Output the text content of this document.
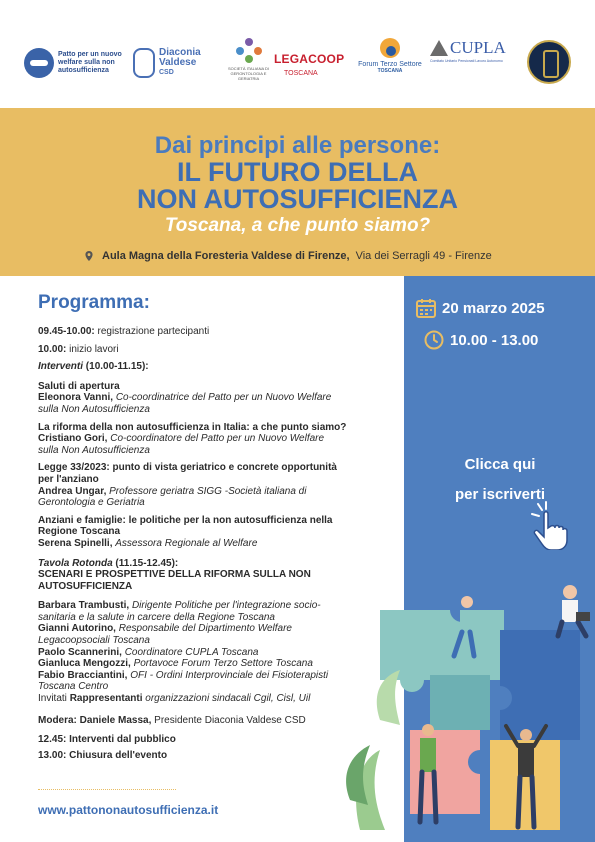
Patto per un nuovo welfare sulla non autosufficienza
Diaconia Valdese
CSD
SOCIETÀ ITALIANA DI GERONTOLOGIA E GERIATRIA
LEGACOOP
TOSCANA
Forum Terzo Settore
TOSCANA
CUPLA
Comitato Unitario Pensionati Lavoro Autonomo
Dai principi alle persone:
IL FUTURO DELLA
NON AUTOSUFFICIENZA
Toscana, a che punto siamo?
Aula Magna della Foresteria Valdese di Firenze, Via dei Serragli 49 - Firenze
20 marzo 2025
10.00 - 13.00
Clicca qui
per iscriverti
Programma:
09.45-10.00: registrazione partecipanti
10.00: inizio lavori
Interventi (10.00-11.15):
Saluti di apertura
Eleonora Vanni, Co-coordinatrice del Patto per un Nuovo Welfare
sulla Non Autosufficienza
La riforma della non autosufficienza in Italia: a che punto siamo?
Cristiano Gori, Co-coordinatore del Patto per un Nuovo Welfare
sulla Non Autosufficienza
Legge 33/2023: punto di vista geriatrico e concrete opportunità
per l'anziano
Andrea Ungar, Professore geriatra SIGG -Società italiana di
Gerontologia e Geriatria
Anziani e famiglie: le politiche per la non autosufficienza nella
Regione Toscana
Serena Spinelli, Assessora Regionale al Welfare
Tavola Rotonda (11.15-12.45):
SCENARI E PROSPETTIVE DELLA RIFORMA SULLA NON
AUTOSUFFICIENZA
Barbara Trambusti, Dirigente Politiche per l'integrazione socio-
sanitaria e la salute in carcere della Regione Toscana
Gianni Autorino, Responsabile del Dipartimento Welfare
Legacoopsociali Toscana
Paolo Scannerini, Coordinatore CUPLA Toscana
Gianluca Mengozzi, Portavoce Forum Terzo Settore Toscana
Fabio Bracciantini, OFI - Ordini Interprovinciale dei Fisioterapisti
Toscana Centro
Invitati Rappresentanti organizzazioni sindacali Cgil, Cisl, Uil
Modera: Daniele Massa, Presidente Diaconia Valdese CSD
12.45: Interventi dal pubblico
13.00: Chiusura dell'evento
www.pattononautosufficienza.it
